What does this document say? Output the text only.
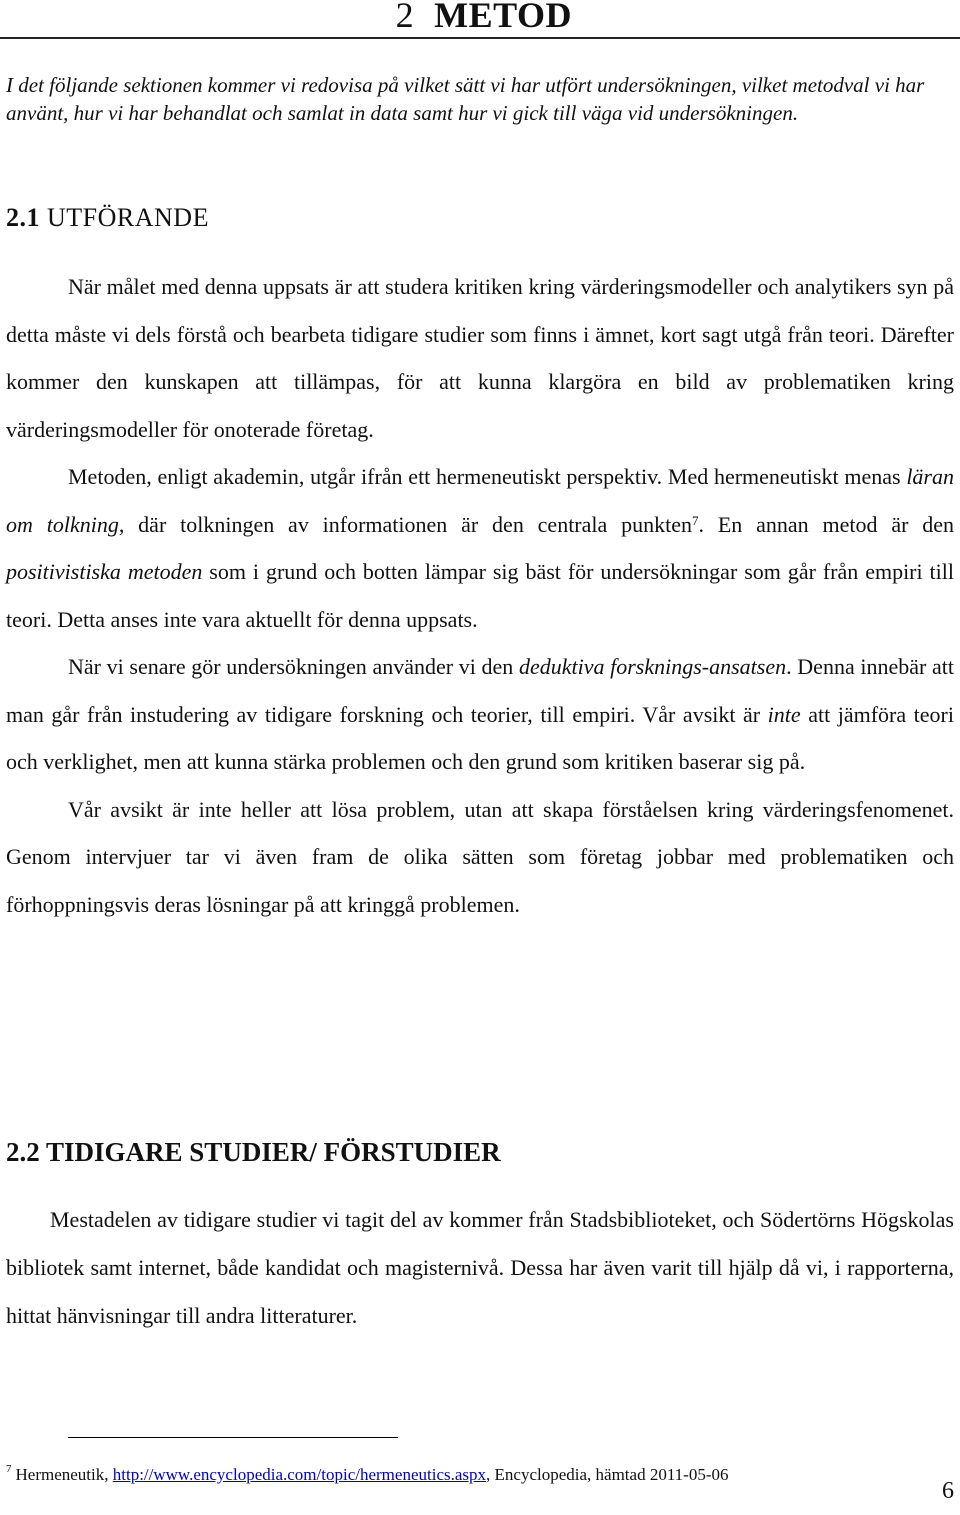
2 METOD

I det följande sektionen kommer vi redovisa på vilket sätt vi har utfört undersökningen, vilket metodval vi har använt, hur vi har behandlat och samlat in data samt hur vi gick till väga vid undersökningen.

2.1 UTFÖRANDE

När målet med denna uppsats är att studera kritiken kring värderingsmodeller och analytikers syn på detta måste vi dels förstå och bearbeta tidigare studier som finns i ämnet, kort sagt utgå från teori. Därefter kommer den kunskapen att tillämpas, för att kunna klargöra en bild av problematiken kring värderingsmodeller för onoterade företag.

Metoden, enligt akademin, utgår ifrån ett hermeneutiskt perspektiv. Med hermeneutiskt menas läran om tolkning, där tolkningen av informationen är den centrala punkten$^7$. En annan metod är den positivistiska metoden som i grund och botten lämpar sig bäst för undersökningar som går från empiri till teori. Detta anses inte vara aktuellt för denna uppsats.

När vi senare gör undersökningen använder vi den deduktiva forsknings-ansatsen. Denna innebär att man går från instudering av tidigare forskning och teorier, till empiri. Vår avsikt är inte att jämföra teori och verklighet, men att kunna stärka problemen och den grund som kritiken baserar sig på.

Vår avsikt är inte heller att lösa problem, utan att skapa förståelsen kring värderingsfenomenet. Genom intervjuer tar vi även fram de olika sätten som företag jobbar med problematiken och förhoppningsvis deras lösningar på att kringgå problemen.

2.2 TIDIGARE STUDIER/ FÖRSTUDIER

Mestadelen av tidigare studier vi tagit del av kommer från Stadsbiblioteket, och Södertörns Högskolas bibliotek samt internet, både kandidat och magisternivå. Dessa har även varit till hjälp då vi, i rapporterna, hittat hänvisningar till andra litteraturer.

$^7$ Hermeneutik, http://www.encyclopedia.com/topic/hermeneutics.aspx, Encyclopedia, hämtad 2011-05-06

6
